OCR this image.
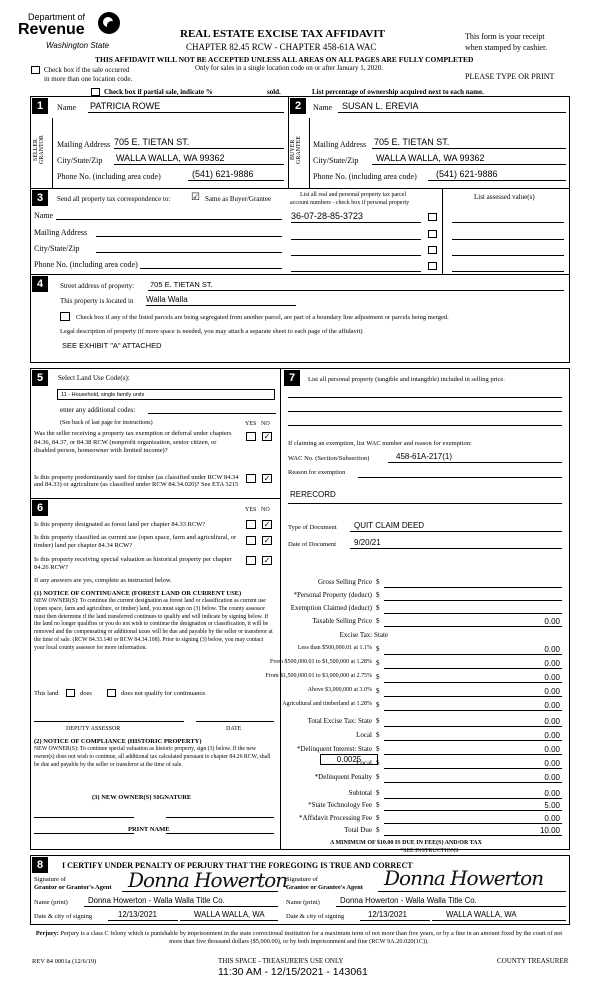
Department of
Revenue
Washington State
REAL ESTATE EXCISE TAX AFFIDAVIT
CHAPTER 82.45 RCW - CHAPTER 458-61A WAC
THIS AFFIDAVIT WILL NOT BE ACCEPTED UNLESS ALL AREAS ON ALL PAGES ARE FULLY COMPLETED
Only for sales in a single location code on or after January 1, 2020.
This form is your receipt
when stamped by cashier.
PLEASE TYPE OR PRINT
Check box if the sale occurred
in more than one location code.
Check box if partial sale, indicate %	sold.	List percentage of ownership acquired next to each name.
1	Name PATRICIA ROWE
SELLER GRANTOR	Mailing Address 705 E. TIETAN ST.
City/State/Zip WALLA WALLA, WA 99362
Phone No. (including area code)	(541) 621-9886
2	Name	SUSAN L. EREVIA
BUYER GRANTEE	Mailing Address 705 E. TIETAN ST.
City/State/Zip	WALLA WALLA, WA 99362
Phone No. (including area code)	(541) 621-9886
3	Send all property tax correspondence to: ☑ Same as Buyer/Grantee	List all real and personal property tax parcel
account numbers - check box if personal property
List assessed value(s)
Name
Mailing Address
City/State/Zip
Phone No. (including area code)
36-07-28-85-3723
4	Street address of property: 705 E. TIETAN ST.
This property is located in Walla Walla
Check box if any of the listed parcels are being segregated from another parcel, are part of a boundary line adjustment or parcels being merged.
Legal description of property (if more space is needed, you may attach a separate sheet to each page of the affidavit)
SEE EXHIBIT "A" ATTACHED
5	Select Land Use Code(s):
11 - Household, single family units
enter any additional codes:
(See back of last page for instructions)	YES NO
Was the seller receiving a property tax exemption or deferral under chapters 84.36, 84.37, or 84.38 RCW (nonprofit organization, senior citizen, or disabled person, homeowner with limited income)?
✓
Is this property predominantly used for timber (as classified under RCW 84.34 and 84.33) or agriculture (as classified under RCW 84.34.020)? See ETA 3215
✓
6	YES NO
Is this property designated as forest land per chapter 84.33 RCW?	✓
Is this property classified as current use (open space, farm and agricultural, or timber) land per chapter 84.34 RCW?	✓
Is this property receiving special valuation as historical property per chapter 84.26 RCW?
✓
If any answers are yes, complete as instructed below.
(1) NOTICE OF CONTINUANCE (FOREST LAND OR CURRENT USE)
NEW OWNER(S): To continue the current designation as forest land or classification as current use (open space, farm and agriculture, or timber) land, you must sign on (3) below. The county assessor must then determine if the land transferred continues to qualify and will indicate by signing below. If the land no longer qualifies or you do not wish to continue the designation or classification, it will be removed and the compensating or additional taxes will be due and payable by the seller or transferor at the time of sale. (RCW 84.33.140 or RCW 84.34.108). Prior to signing (3) below, you may contact your local county assessor for more information.
This land	does	does not qualify for continuance.
DEPUTY ASSESSOR	DATE
(2) NOTICE OF COMPLIANCE (HISTORIC PROPERTY)
NEW OWNER(S): To continue special valuation as historic property, sign (3) below. If the new owner(s) does not wish to continue, all additional tax calculated pursuant to chapter 84.26 RCW, shall be due and payable by the seller or transferor at the time of sale.
(3) NEW OWNER(S) SIGNATURE
PRINT NAME
7	List all personal property (tangible and intangible) included in selling price.
If claiming an exemption, list WAC number and reason for exemption:
WAC No. (Section/Subsection)	458-61A-217(1)
Reason for exemption
RERECORD
Type of Document	QUIT CLAIM DEED
Date of Document	9/20/21
Gross Selling Price $
*Personal Property (deduct) $
Exemption Claimed (deduct) $
Taxable Selling Price $	0.00
Excise Tax: State
Less than $500,000.01 at 1.1% $	0.00
From $500,000.01 to $1,500,000 at 1.28% $	0.00
From $1,500,000.01 to $3,000,000 at 2.75% $	0.00
Above $3,000,000 at 3.0% $	0.00
Agricultural and timberland at 1.28% $	0.00
Total Excise Tax: State $	0.00
Local $	0.00
*Delinquent Interest: State $	0.00
Local $	0.00
*Delinquent Penalty $	0.00
Subtotal $	0.00
*State Technology Fee $	5.00
*Affidavit Processing Fee $	0.00
Total Due $	10.00
0.0025
A MINIMUM OF $10.00 IS DUE IN FEE(S) AND/OR TAX
*SEE INSTRUCTIONS
8	I CERTIFY UNDER PENALTY OF PERJURY THAT THE FOREGOING IS TRUE AND CORRECT
Signature of
Grantor or Grantor's Agent Donna Howerton
Signature of
Grantee or Grantee's Agent Donna Howerton
Name (print)	Donna Howerton - Walla Walla Title Co.	Name (print)	Donna Howerton - Walla Walla Title Co.
Date & city of signing	12/13/2021	WALLA WALLA, WA	Date & city of signing	12/13/2021	WALLA WALLA, WA
Perjury: Perjury is a class C felony which is punishable by imprisonment in the state correctional institution for a maximum term of not more than five years, or by a fine in an amount fixed by the court of not more than five thousand dollars ($5,000.00), or by both imprisonment and fine (RCW 9A.20.020(1C)).
REV 84 0001a (12/6/19)	THIS SPACE - TREASURER'S USE ONLY	COUNTY TREASURER
11:30 AM - 12/15/2021 - 143061
